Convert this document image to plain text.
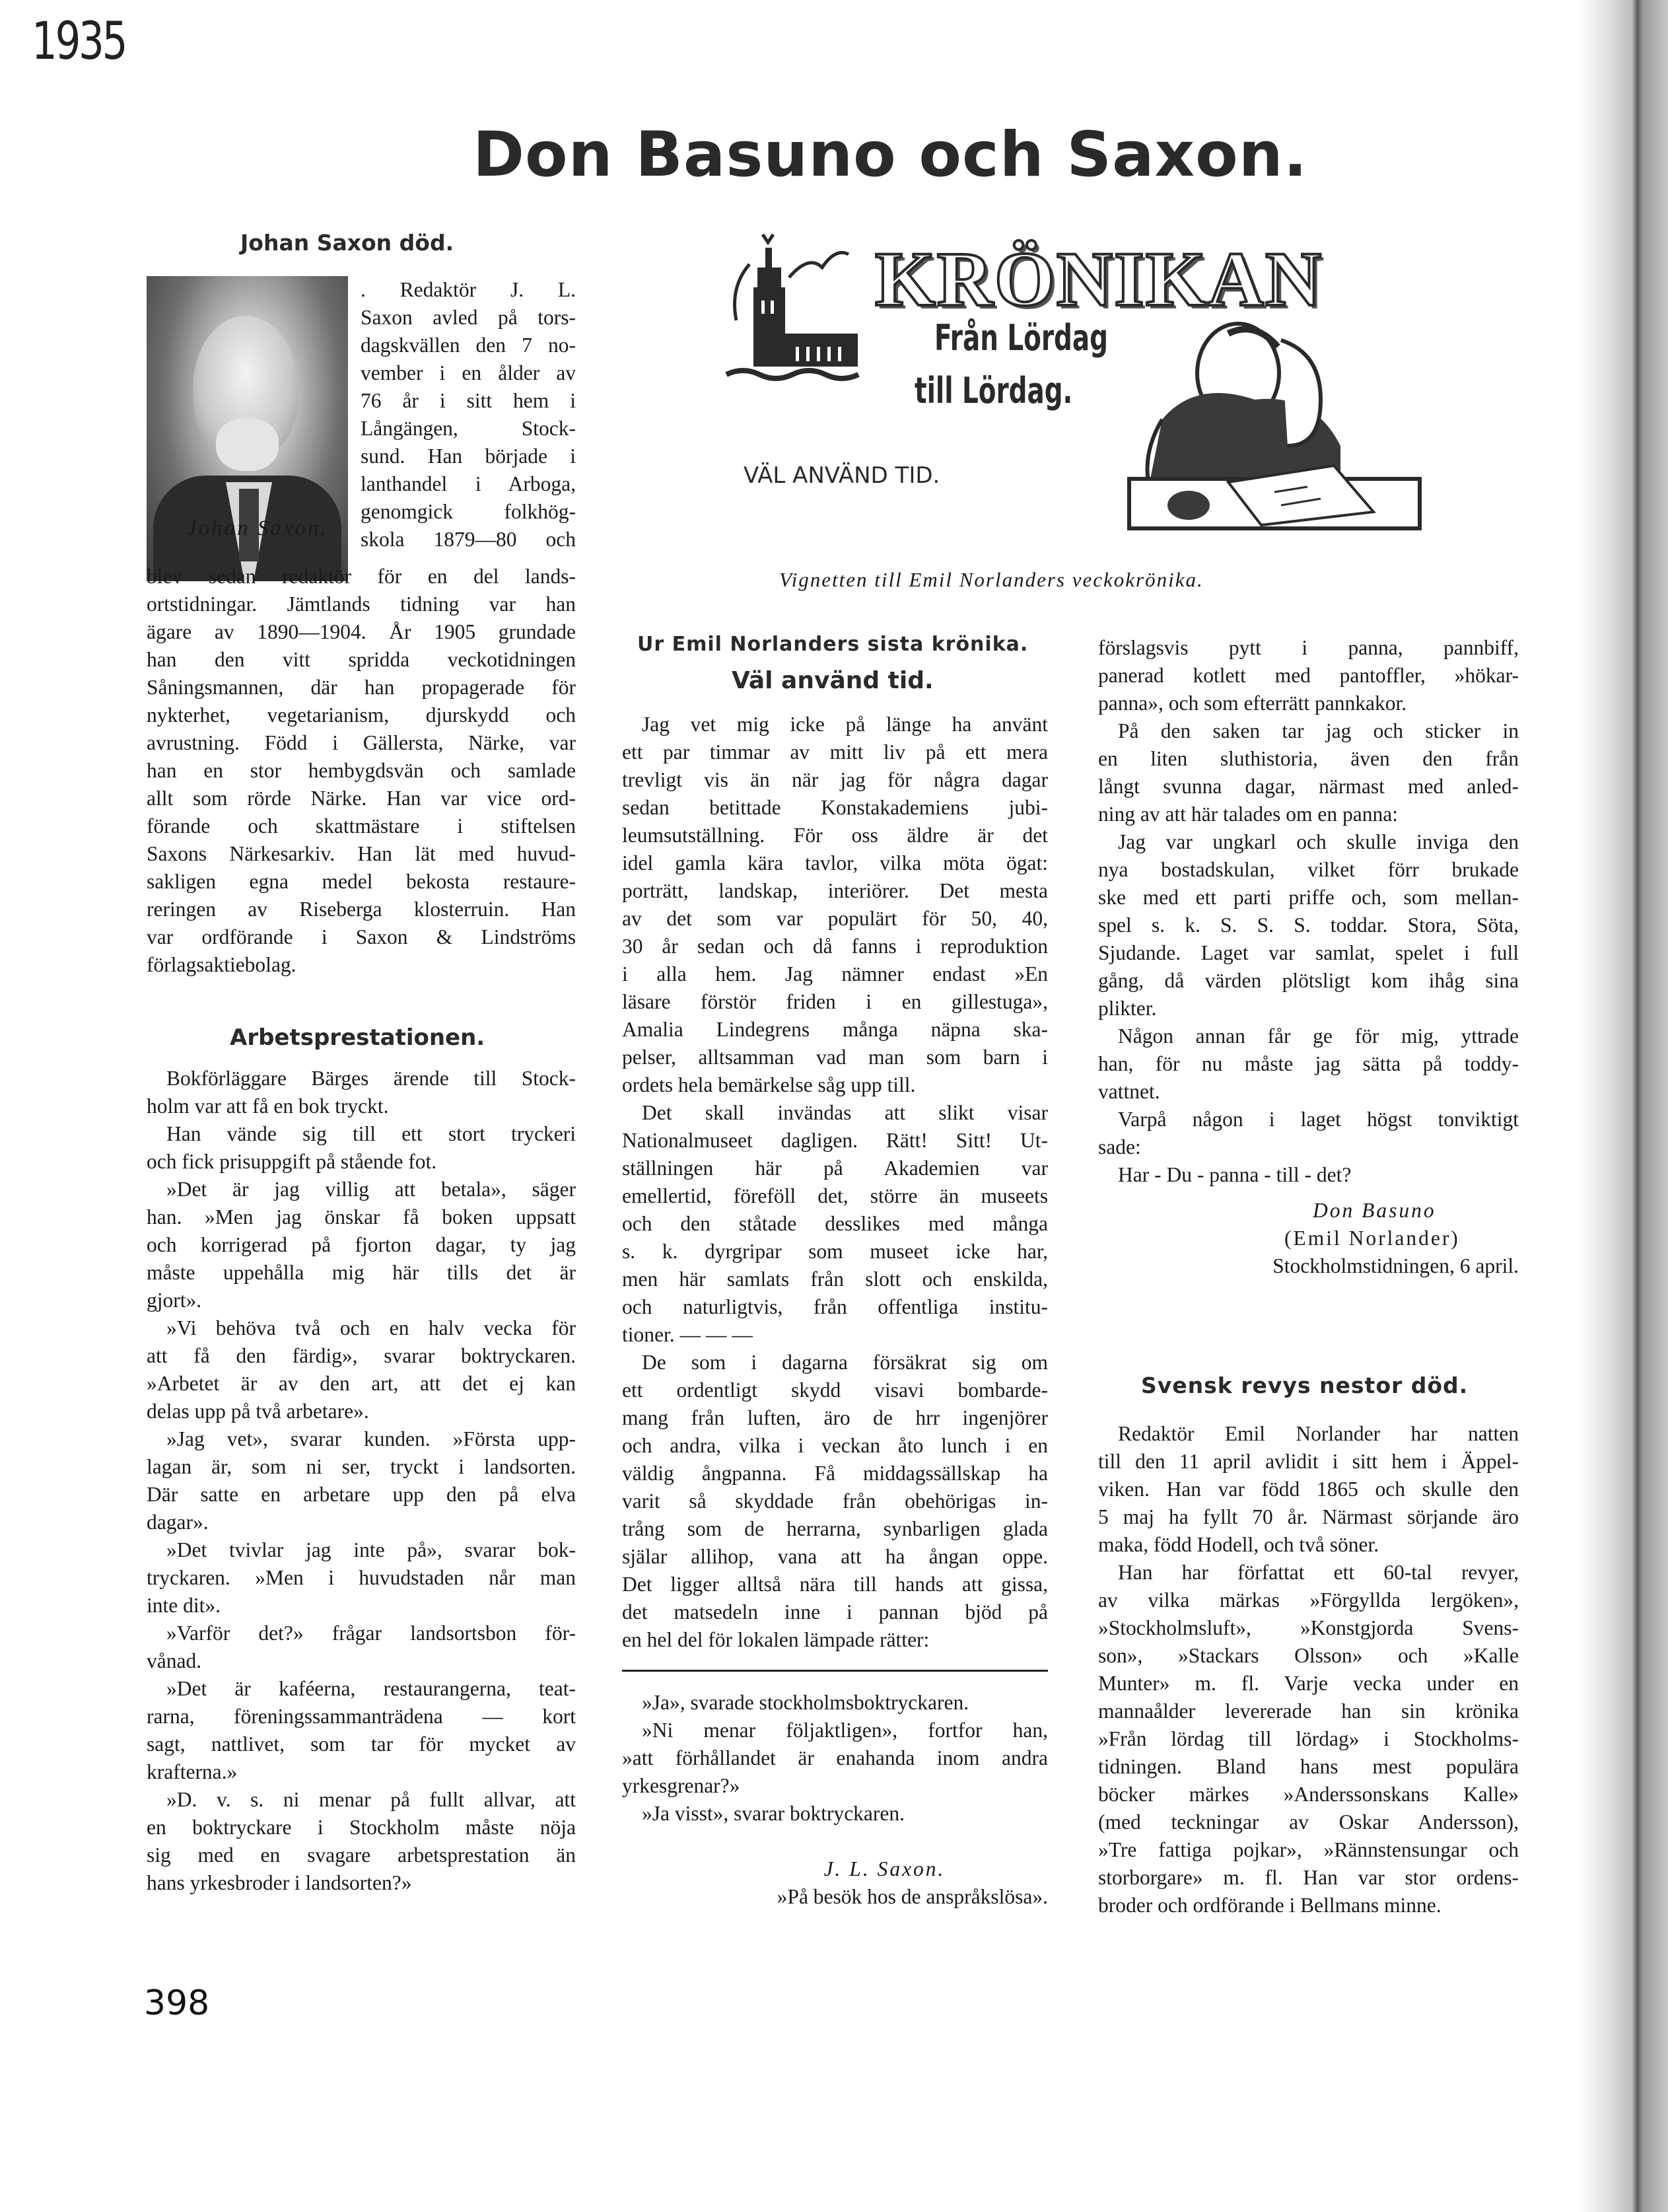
1935
Don Basuno och Saxon.
Johan Saxon död.
Johan Saxon.
. Redaktör J. L.
Saxon avled på tors-
dagskvällen den 7 no-
vember i en ålder av
76 år i sitt hem i
Långängen, Stock-
sund. Han började i
lanthandel i Arboga,
genomgick folkhög-
skola 1879—80 och
blev sedan redaktör för en del lands-
ortstidningar. Jämtlands tidning var han
ägare av 1890—1904. År 1905 grundade
han den vitt spridda veckotidningen
Såningsmannen, där han propagerade för
nykterhet, vegetarianism, djurskydd och
avrustning. Född i Gällersta, Närke, var
han en stor hembygdsvän och samlade
allt som rörde Närke. Han var vice ord-
förande och skattmästare i stiftelsen
Saxons Närkesarkiv. Han lät med huvud-
sakligen egna medel bekosta restaure-
reringen av Riseberga klosterruin. Han
var ordförande i Saxon & Lindströms
förlagsaktiebolag.
Arbetsprestationen.
Bokförläggare Bärges ärende till Stock-
holm var att få en bok tryckt.
Han vände sig till ett stort tryckeri
och fick prisuppgift på stående fot.
»Det är jag villig att betala», säger
han. »Men jag önskar få boken uppsatt
och korrigerad på fjorton dagar, ty jag
måste uppehålla mig här tills det är
gjort».
»Vi behöva två och en halv vecka för
att få den färdig», svarar boktryckaren.
»Arbetet är av den art, att det ej kan
delas upp på två arbetare».
»Jag vet», svarar kunden. »Första upp-
lagan är, som ni ser, tryckt i landsorten.
Där satte en arbetare upp den på elva
dagar».
»Det tvivlar jag inte på», svarar bok-
tryckaren. »Men i huvudstaden når man
inte dit».
»Varför det?» frågar landsortsbon för-
vånad.
»Det är kaféerna, restaurangerna, teat-
rarna, föreningssammanträdena — kort
sagt, nattlivet, som tar för mycket av
krafterna.»
»D. v. s. ni menar på fullt allvar, att
en boktryckare i Stockholm måste nöja
sig med en svagare arbetsprestation än
hans yrkesbroder i landsorten?»
KRÖNIKAN
Från Lördag
till Lördag.
VÄL ANVÄND TID.
Vignetten till Emil Norlanders veckokrönika.
Ur Emil Norlanders sista krönika.
Väl använd tid.
Jag vet mig icke på länge ha använt
ett par timmar av mitt liv på ett mera
trevligt vis än när jag för några dagar
sedan betittade Konstakademiens jubi-
leumsutställning. För oss äldre är det
idel gamla kära tavlor, vilka möta ögat:
porträtt, landskap, interiörer. Det mesta
av det som var populärt för 50, 40,
30 år sedan och då fanns i reproduktion
i alla hem. Jag nämner endast »En
läsare förstör friden i en gillestuga»,
Amalia Lindegrens många näpna ska-
pelser, alltsamman vad man som barn i
ordets hela bemärkelse såg upp till.
Det skall invändas att slikt visar
Nationalmuseet dagligen. Rätt! Sitt! Ut-
ställningen här på Akademien var
emellertid, föreföll det, större än museets
och den ståtade desslikes med många
s. k. dyrgripar som museet icke har,
men här samlats från slott och enskilda,
och naturligtvis, från offentliga institu-
tioner. — — —
De som i dagarna försäkrat sig om
ett ordentligt skydd visavi bombarde-
mang från luften, äro de hrr ingenjörer
och andra, vilka i veckan åto lunch i en
väldig ångpanna. Få middagssällskap ha
varit så skyddade från obehörigas in-
trång som de herrarna, synbarligen glada
själar allihop, vana att ha ångan oppe.
Det ligger alltså nära till hands att gissa,
det matsedeln inne i pannan bjöd på
en hel del för lokalen lämpade rätter:
»Ja», svarade stockholmsboktryckaren.
»Ni menar följaktligen», fortfor han,
»att förhållandet är enahanda inom andra
yrkesgrenar?»
»Ja visst», svarar boktryckaren.
J. L. Saxon.
»På besök hos de anspråkslösa».
förslagsvis pytt i panna, pannbiff,
panerad kotlett med pantoffler, »hökar-
panna», och som efterrätt pannkakor.
På den saken tar jag och sticker in
en liten sluthistoria, även den från
långt svunna dagar, närmast med anled-
ning av att här talades om en panna:
Jag var ungkarl och skulle inviga den
nya bostadskulan, vilket förr brukade
ske med ett parti priffe och, som mellan-
spel s. k. S. S. S. toddar. Stora, Söta,
Sjudande. Laget var samlat, spelet i full
gång, då värden plötsligt kom ihåg sina
plikter.
Någon annan får ge för mig, yttrade
han, för nu måste jag sätta på toddy-
vattnet.
Varpå någon i laget högst tonviktigt
sade:
Har - Du - panna - till - det?
Don Basuno
(Emil Norlander)
Stockholmstidningen, 6 april.
Svensk revys nestor död.
Redaktör Emil Norlander har natten
till den 11 april avlidit i sitt hem i Äppel-
viken. Han var född 1865 och skulle den
5 maj ha fyllt 70 år. Närmast sörjande äro
maka, född Hodell, och två söner.
Han har författat ett 60-tal revyer,
av vilka märkas »Förgyllda lergöken»,
»Stockholmsluft», »Konstgjorda Svens-
son», »Stackars Olsson» och »Kalle
Munter» m. fl. Varje vecka under en
mannaålder levererade han sin krönika
»Från lördag till lördag» i Stockholms-
tidningen. Bland hans mest populära
böcker märkes »Anderssonskans Kalle»
(med teckningar av Oskar Andersson),
»Tre fattiga pojkar», »Rännstensungar och
storborgare» m. fl. Han var stor ordens-
broder och ordförande i Bellmans minne.
398
